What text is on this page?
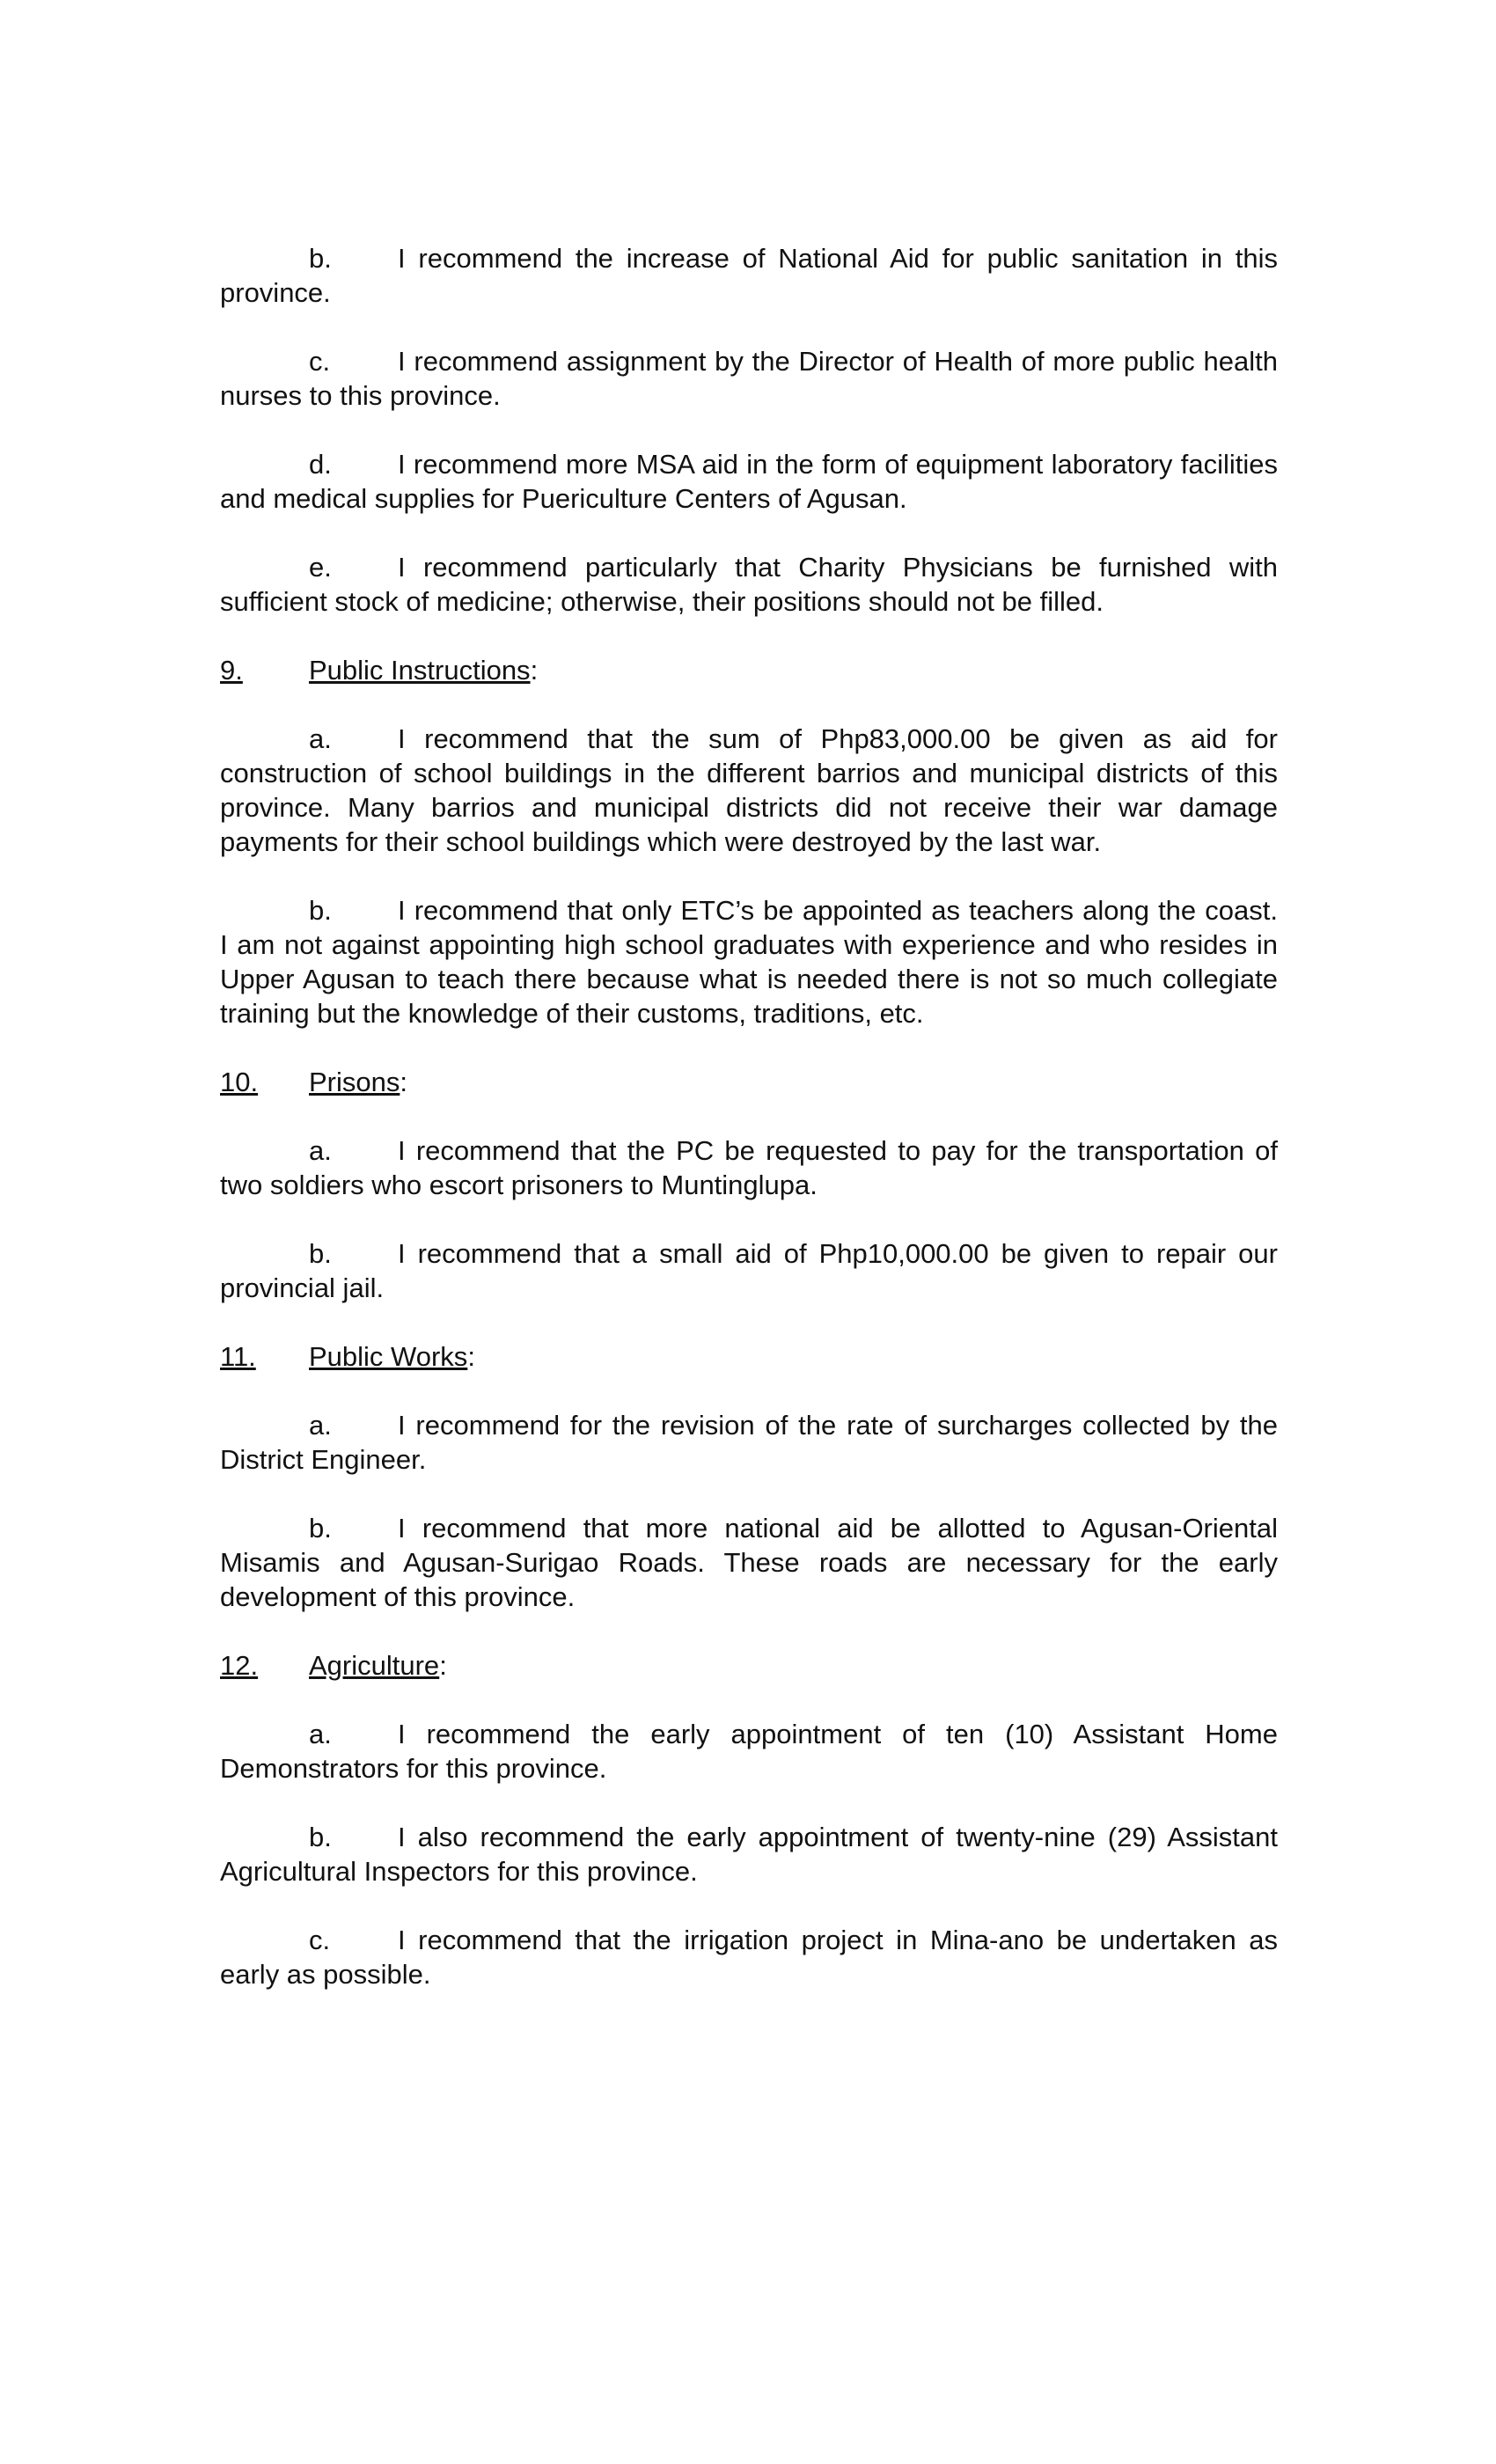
b. I recommend the increase of National Aid for public sanitation in this province.

c. I recommend assignment by the Director of Health of more public health nurses to this province.

d. I recommend more MSA aid in the form of equipment laboratory facilities and medical supplies for Puericulture Centers of Agusan.

e. I recommend particularly that Charity Physicians be furnished with sufficient stock of medicine; otherwise, their positions should not be filled.

9. Public Instructions:

a. I recommend that the sum of Php83,000.00 be given as aid for construction of school buildings in the different barrios and municipal districts of this province. Many barrios and municipal districts did not receive their war damage payments for their school buildings which were destroyed by the last war.

b. I recommend that only ETC’s be appointed as teachers along the coast. I am not against appointing high school graduates with experience and who resides in Upper Agusan to teach there because what is needed there is not so much collegiate training but the knowledge of their customs, traditions, etc.

10. Prisons:

a. I recommend that the PC be requested to pay for the transportation of two soldiers who escort prisoners to Muntinglupa.

b. I recommend that a small aid of Php10,000.00 be given to repair our provincial jail.

11. Public Works:

a. I recommend for the revision of the rate of surcharges collected by the District Engineer.

b. I recommend that more national aid be allotted to Agusan-Oriental Misamis and Agusan-Surigao Roads. These roads are necessary for the early development of this province.

12. Agriculture:

a. I recommend the early appointment of ten (10) Assistant Home Demonstrators for this province.

b. I also recommend the early appointment of twenty-nine (29) Assistant Agricultural Inspectors for this province.

c. I recommend that the irrigation project in Mina-ano be undertaken as early as possible.
